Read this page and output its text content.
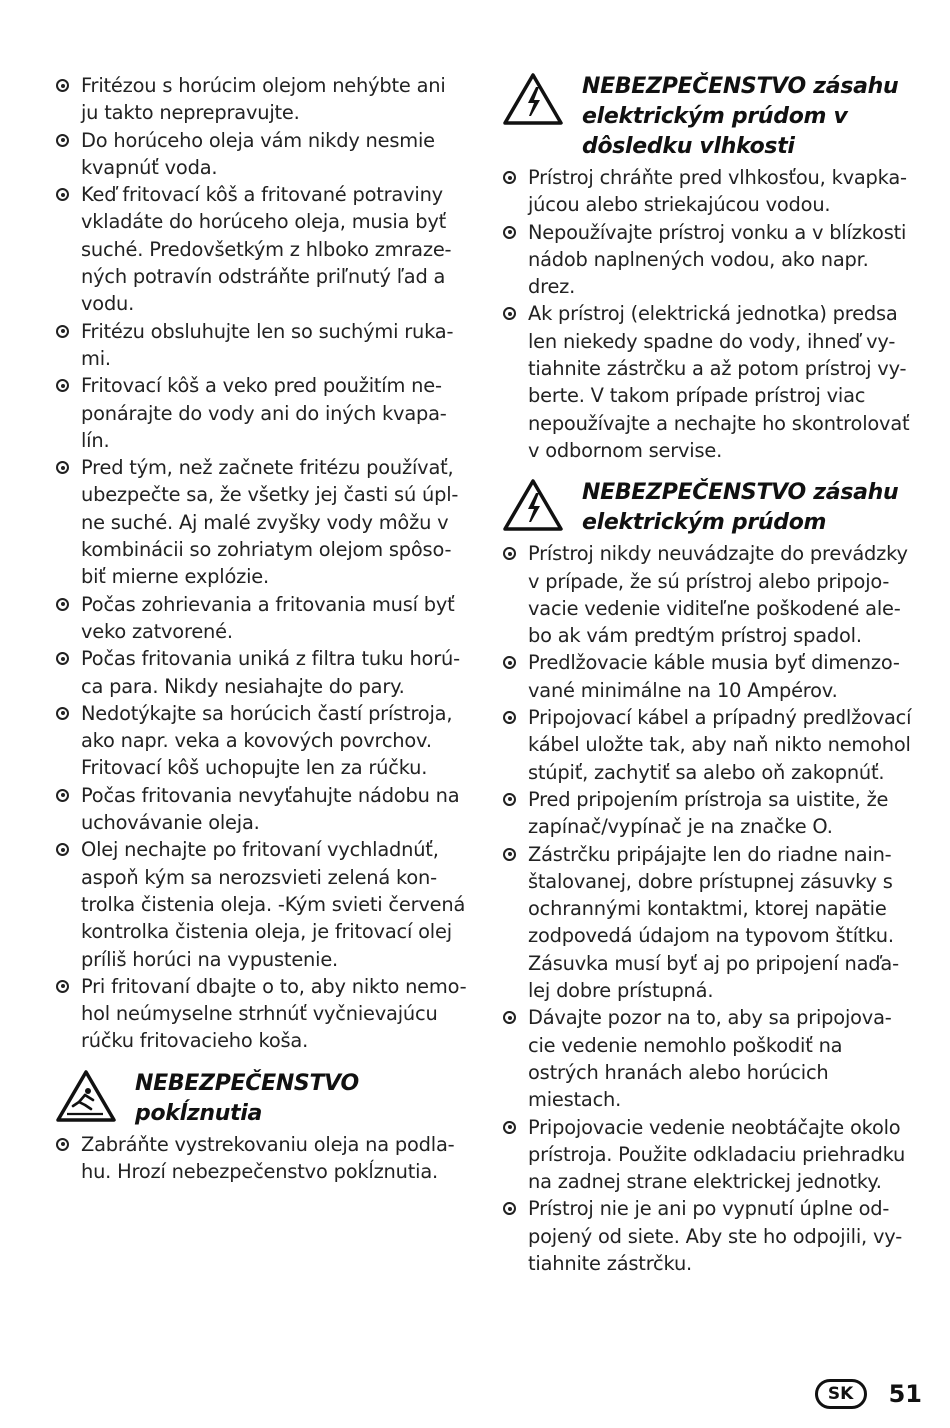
Fritézou s horúcim olejom nehýbte ani
ju takto neprepravujte.
Do horúceho oleja vám nikdy nesmie
kvapnúť voda.
Keď fritovací kôš a fritované potraviny
vkladáte do horúceho oleja, musia byť
suché. Predovšetkým z hlboko zmraze-
ných potravín odstráňte priľnutý ľad a
vodu.
Fritézu obsluhujte len so suchými ruka-
mi.
Fritovací kôš a veko pred použitím ne-
ponárajte do vody ani do iných kvapa-
lín.
Pred tým, než začnete fritézu používať,
ubezpečte sa, že všetky jej časti sú úpl-
ne suché. Aj malé zvyšky vody môžu v
kombinácii so zohriatym olejom spôso-
biť mierne explózie.
Počas zohrievania a fritovania musí byť
veko zatvorené.
Počas fritovania uniká z filtra tuku horú-
ca para. Nikdy nesiahajte do pary.
Nedotýkajte sa horúcich častí prístroja,
ako napr. veka a kovových povrchov.
Fritovací kôš uchopujte len za rúčku.
Počas fritovania nevyťahujte nádobu na
uchovávanie oleja.
Olej nechajte po fritovaní vychladnúť,
aspoň kým sa nerozsvieti zelená kon-
trolka čistenia oleja. -Kým svieti červená
kontrolka čistenia oleja, je fritovací olej
príliš horúci na vypustenie.
Pri fritovaní dbajte o to, aby nikto nemo-
hol neúmyselne strhnúť vyčnievajúcu
rúčku fritovacieho koša.
NEBEZPEČENSTVO
pokĺznutia
Zabráňte vystrekovaniu oleja na podla-
hu. Hrozí nebezpečenstvo pokĺznutia.
NEBEZPEČENSTVO zásahu
elektrickým prúdom v
dôsledku vlhkosti
Prístroj chráňte pred vlhkosťou, kvapka-
júcou alebo striekajúcou vodou.
Nepoužívajte prístroj vonku a v blízkosti
nádob naplnených vodou, ako napr.
drez.
Ak prístroj (elektrická jednotka) predsa
len niekedy spadne do vody, ihneď vy-
tiahnite zástrčku a až potom prístroj vy-
berte. V takom prípade prístroj viac
nepoužívajte a nechajte ho skontrolovať
v odbornom servise.
NEBEZPEČENSTVO zásahu
elektrickým prúdom
Prístroj nikdy neuvádzajte do prevádzky
v prípade, že sú prístroj alebo pripojo-
vacie vedenie viditeľne poškodené ale-
bo ak vám predtým prístroj spadol.
Predlžovacie káble musia byť dimenzo-
vané minimálne na 10 Ampérov.
Pripojovací kábel a prípadný predlžovací
kábel uložte tak, aby naň nikto nemohol
stúpiť, zachytiť sa alebo oň zakopnúť.
Pred pripojením prístroja sa uistite, že
zapínač/vypínač je na značke O.
Zástrčku pripájajte len do riadne nain-
štalovanej, dobre prístupnej zásuvky s
ochrannými kontaktmi, ktorej napätie
zodpovedá údajom na typovom štítku.
Zásuvka musí byť aj po pripojení naďa-
lej dobre prístupná.
Dávajte pozor na to, aby sa pripojova-
cie vedenie nemohlo poškodiť na
ostrých hranách alebo horúcich
miestach.
Pripojovacie vedenie neobtáčajte okolo
prístroja. Použite odkladaciu priehradku
na zadnej strane elektrickej jednotky.
Prístroj nie je ani po vypnutí úplne od-
pojený od siete. Aby ste ho odpojili, vy-
tiahnite zástrčku.
SK	51
